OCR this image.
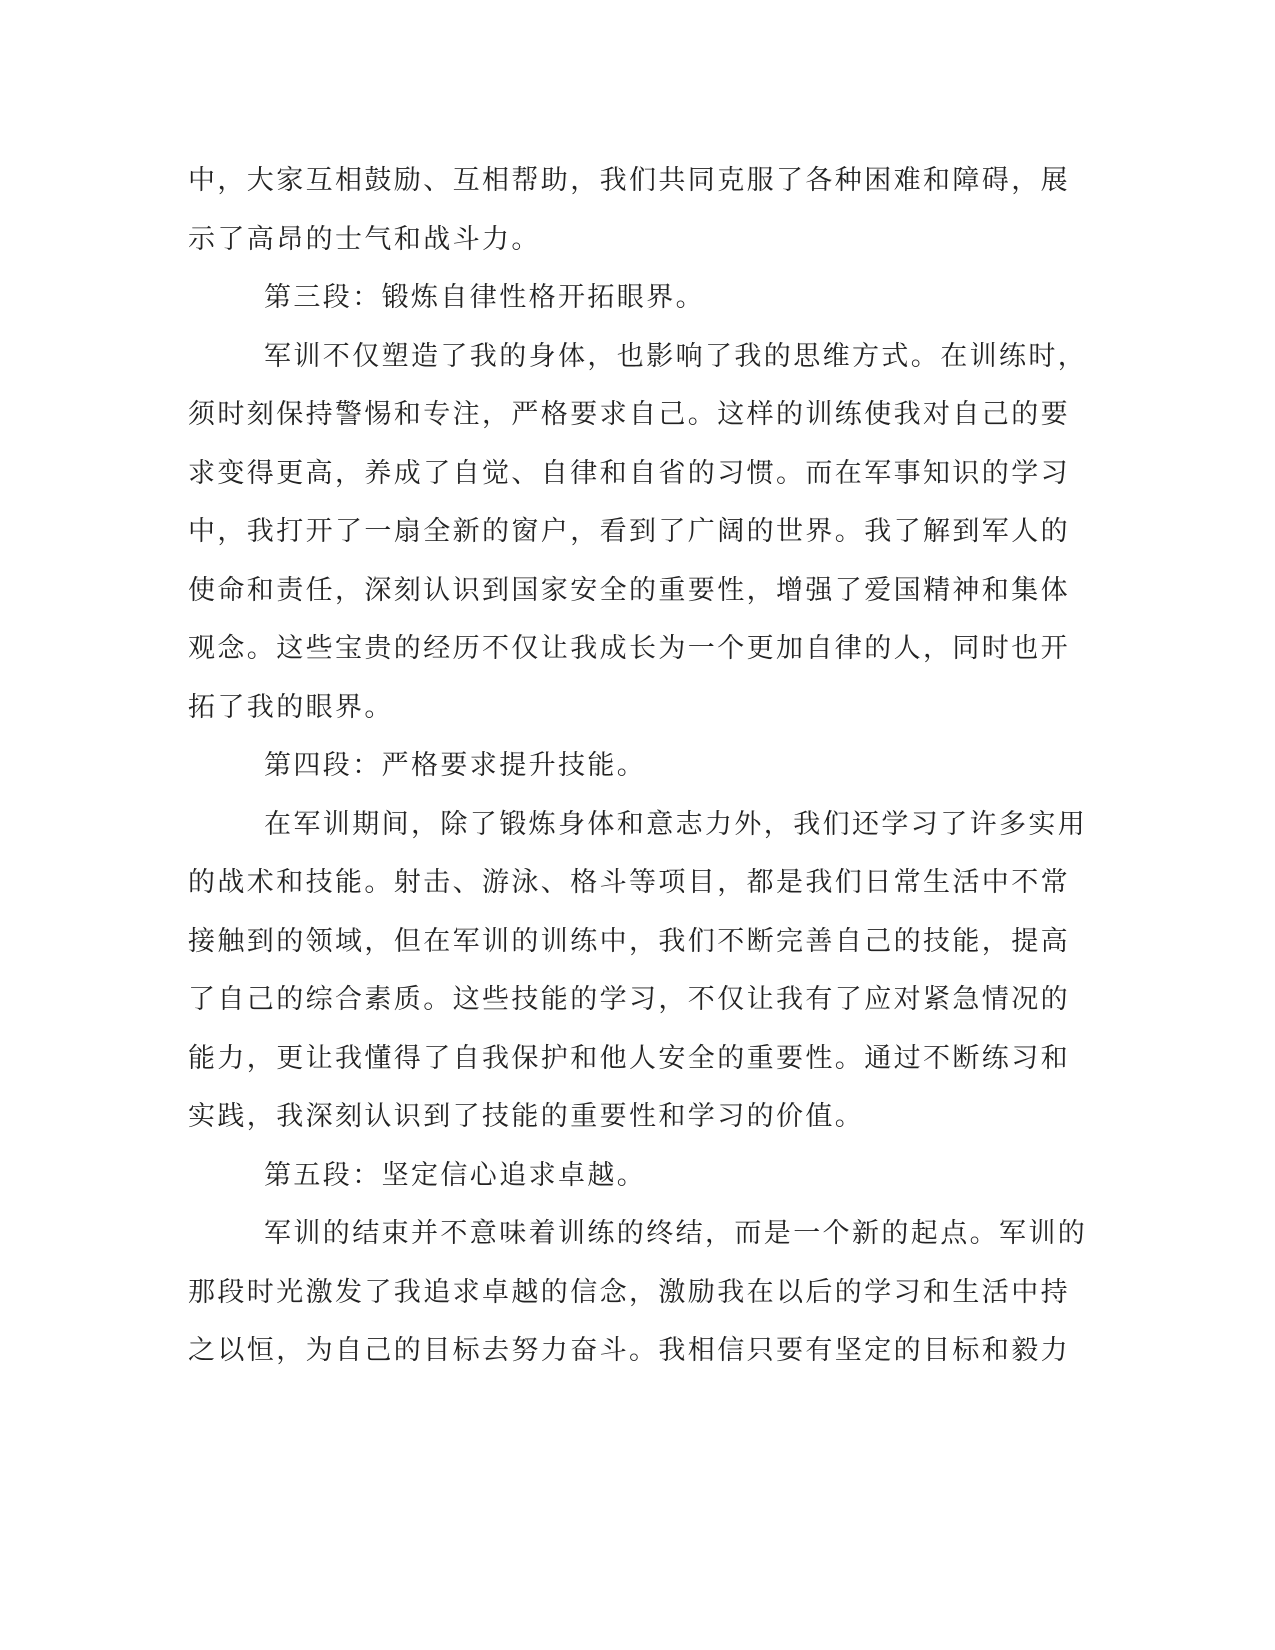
中，大家互相鼓励、互相帮助，我们共同克服了各种困难和障碍，展
示了高昂的士气和战斗力。
第三段：锻炼自律性格开拓眼界。
军训不仅塑造了我的身体，也影响了我的思维方式。在训练时，
须时刻保持警惕和专注，严格要求自己。这样的训练使我对自己的要
求变得更高，养成了自觉、自律和自省的习惯。而在军事知识的学习
中，我打开了一扇全新的窗户，看到了广阔的世界。我了解到军人的
使命和责任，深刻认识到国家安全的重要性，增强了爱国精神和集体
观念。这些宝贵的经历不仅让我成长为一个更加自律的人，同时也开
拓了我的眼界。
第四段：严格要求提升技能。
在军训期间，除了锻炼身体和意志力外，我们还学习了许多实用
的战术和技能。射击、游泳、格斗等项目，都是我们日常生活中不常
接触到的领域，但在军训的训练中，我们不断完善自己的技能，提高
了自己的综合素质。这些技能的学习，不仅让我有了应对紧急情况的
能力，更让我懂得了自我保护和他人安全的重要性。通过不断练习和
实践，我深刻认识到了技能的重要性和学习的价值。
第五段：坚定信心追求卓越。
军训的结束并不意味着训练的终结，而是一个新的起点。军训的
那段时光激发了我追求卓越的信念，激励我在以后的学习和生活中持
之以恒，为自己的目标去努力奋斗。我相信只要有坚定的目标和毅力
